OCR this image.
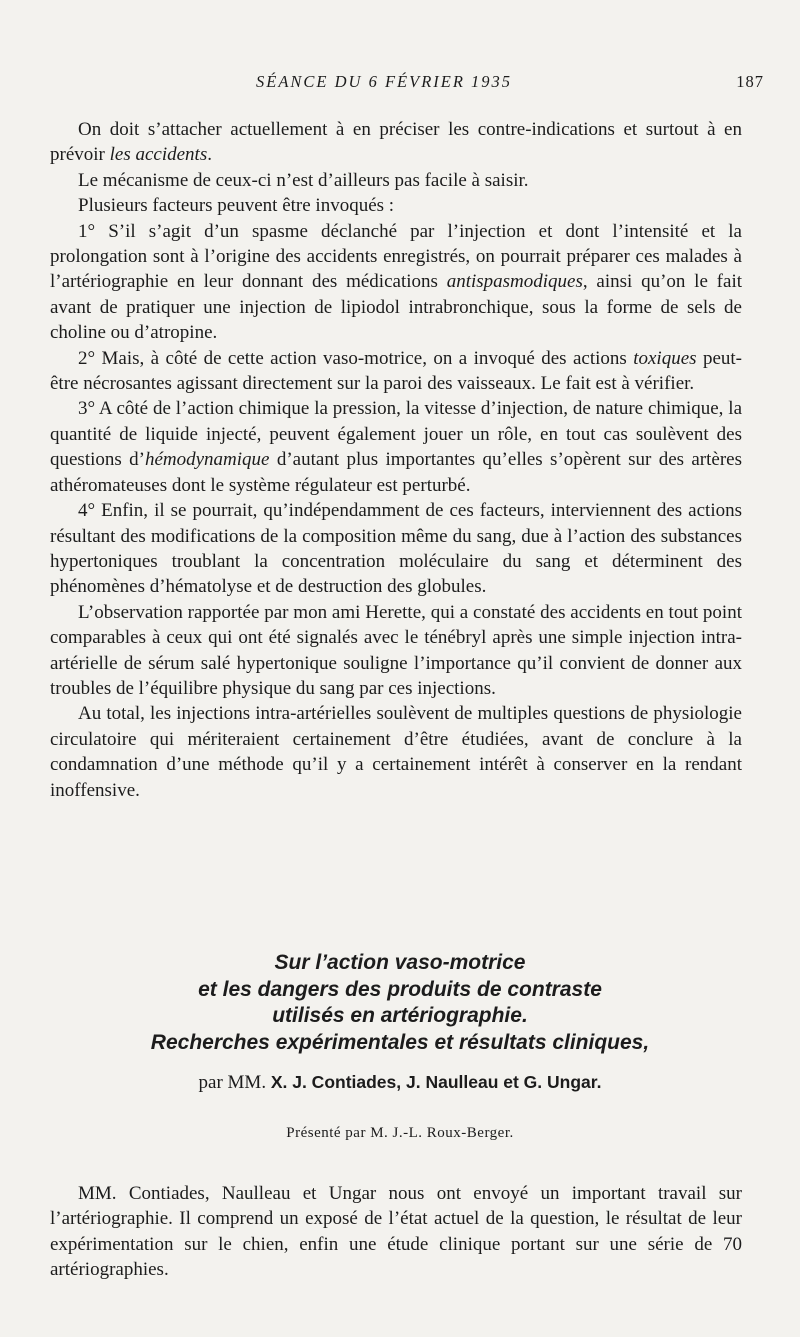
SÉANCE DU 6 FÉVRIER 1935	187

On doit s’attacher actuellement à en préciser les contre-indications et surtout à en prévoir les accidents.

Le mécanisme de ceux-ci n’est d’ailleurs pas facile à saisir.

Plusieurs facteurs peuvent être invoqués :

1° S’il s’agit d’un spasme déclanché par l’injection et dont l’intensité et la prolongation sont à l’origine des accidents enregistrés, on pourrait préparer ces malades à l’artériographie en leur donnant des médications antispasmodiques, ainsi qu’on le fait avant de pratiquer une injection de lipiodol intrabronchique, sous la forme de sels de choline ou d’atropine.

2° Mais, à côté de cette action vaso-motrice, on a invoqué des actions toxiques peut-être nécrosantes agissant directement sur la paroi des vaisseaux. Le fait est à vérifier.

3° A côté de l’action chimique la pression, la vitesse d’injection, de nature chimique, la quantité de liquide injecté, peuvent également jouer un rôle, en tout cas soulèvent des questions d’hémodynamique d’autant plus importantes qu’elles s’opèrent sur des artères athéromateuses dont le système régulateur est perturbé.

4° Enfin, il se pourrait, qu’indépendamment de ces facteurs, interviennent des actions résultant des modifications de la composition même du sang, due à l’action des substances hypertoniques troublant la concentration moléculaire du sang et déterminent des phénomènes d’hématolyse et de destruction des globules.

L’observation rapportée par mon ami Herette, qui a constaté des accidents en tout point comparables à ceux qui ont été signalés avec le ténébryl après une simple injection intra-artérielle de sérum salé hypertonique souligne l’importance qu’il convient de donner aux troubles de l’équilibre physique du sang par ces injections.

Au total, les injections intra-artérielles soulèvent de multiples questions de physiologie circulatoire qui mériteraient certainement d’être étudiées, avant de conclure à la condamnation d’une méthode qu’il y a certainement intérêt à conserver en la rendant inoffensive.

Sur l’action vaso-motrice
et les dangers des produits de contraste
utilisés en artériographie.
Recherches expérimentales et résultats cliniques,
par MM. X. J. Contiades, J. Naulleau et G. Ungar.
Présenté par M. J.-L. Roux-Berger.

MM. Contiades, Naulleau et Ungar nous ont envoyé un important travail sur l’artériographie. Il comprend un exposé de l’état actuel de la question, le résultat de leur expérimentation sur le chien, enfin une étude clinique portant sur une série de 70 artériographies.
